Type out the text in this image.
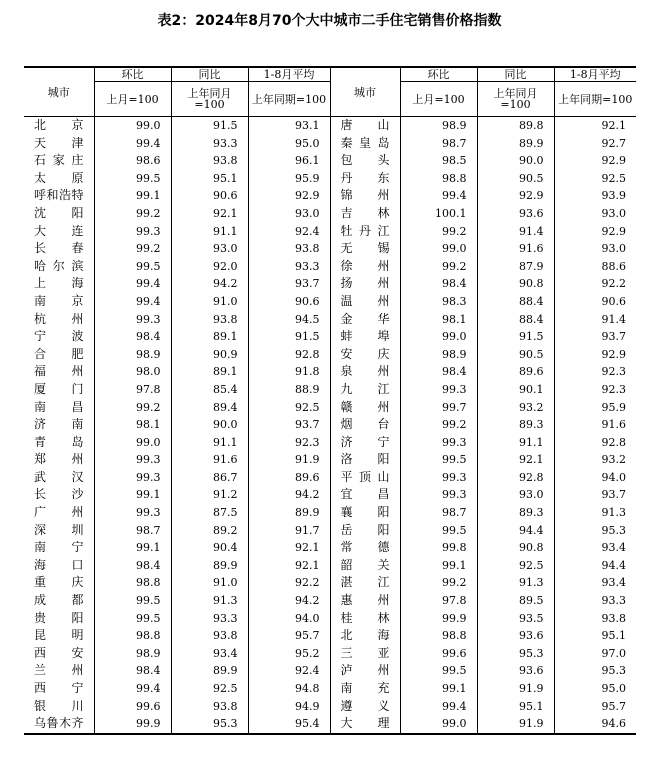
表2：2024年8月70个大中城市二手住宅销售价格指数
城市	环比	同比	1-8月平均	城市	环比	同比	1-8月平均
	上月=100	上年同月=100	上年同期=100		上月=100	上年同月=100	上年同期=100
北京	99.0	91.5	93.1	唐山	98.9	89.8	92.1
天津	99.4	93.3	95.0	秦皇岛	98.7	89.9	92.7
石家庄	98.6	93.8	96.1	包头	98.5	90.0	92.9
太原	99.5	95.1	95.9	丹东	98.8	90.5	92.5
呼和浩特	99.1	90.6	92.9	锦州	99.4	92.9	93.9
沈阳	99.2	92.1	93.0	吉林	100.1	93.6	93.0
大连	99.3	91.1	92.4	牡丹江	99.2	91.4	92.9
长春	99.2	93.0	93.8	无锡	99.0	91.6	93.0
哈尔滨	99.5	92.0	93.3	徐州	99.2	87.9	88.6
上海	99.4	94.2	93.7	扬州	98.4	90.8	92.2
南京	99.4	91.0	90.6	温州	98.3	88.4	90.6
杭州	99.3	93.8	94.5	金华	98.1	88.4	91.4
宁波	98.4	89.1	91.5	蚌埠	99.0	91.5	93.7
合肥	98.9	90.9	92.8	安庆	98.9	90.5	92.9
福州	98.0	89.1	91.8	泉州	98.4	89.6	92.3
厦门	97.8	85.4	88.9	九江	99.3	90.1	92.3
南昌	99.2	89.4	92.5	赣州	99.7	93.2	95.9
济南	98.1	90.0	93.7	烟台	99.2	89.3	91.6
青岛	99.0	91.1	92.3	济宁	99.3	91.1	92.8
郑州	99.3	91.6	91.9	洛阳	99.5	92.1	93.2
武汉	99.3	86.7	89.6	平顶山	99.3	92.8	94.0
长沙	99.1	91.2	94.2	宜昌	99.3	93.0	93.7
广州	99.3	87.5	89.9	襄阳	98.7	89.3	91.3
深圳	98.7	89.2	91.7	岳阳	99.5	94.4	95.3
南宁	99.1	90.4	92.1	常德	99.8	90.8	93.4
海口	98.4	89.9	92.1	韶关	99.1	92.5	94.4
重庆	98.8	91.0	92.2	湛江	99.2	91.3	93.4
成都	99.5	91.3	94.2	惠州	97.8	89.5	93.3
贵阳	99.5	93.3	94.0	桂林	99.9	93.5	93.8
昆明	98.8	93.8	95.7	北海	98.8	93.6	95.1
西安	98.9	93.4	95.2	三亚	99.6	95.3	97.0
兰州	98.4	89.9	92.4	泸州	99.5	93.6	95.3
西宁	99.4	92.5	94.8	南充	99.1	91.9	95.0
银川	99.6	93.8	94.9	遵义	99.4	95.1	95.7
乌鲁木齐	99.9	95.3	95.4	大理	99.0	91.9	94.6
